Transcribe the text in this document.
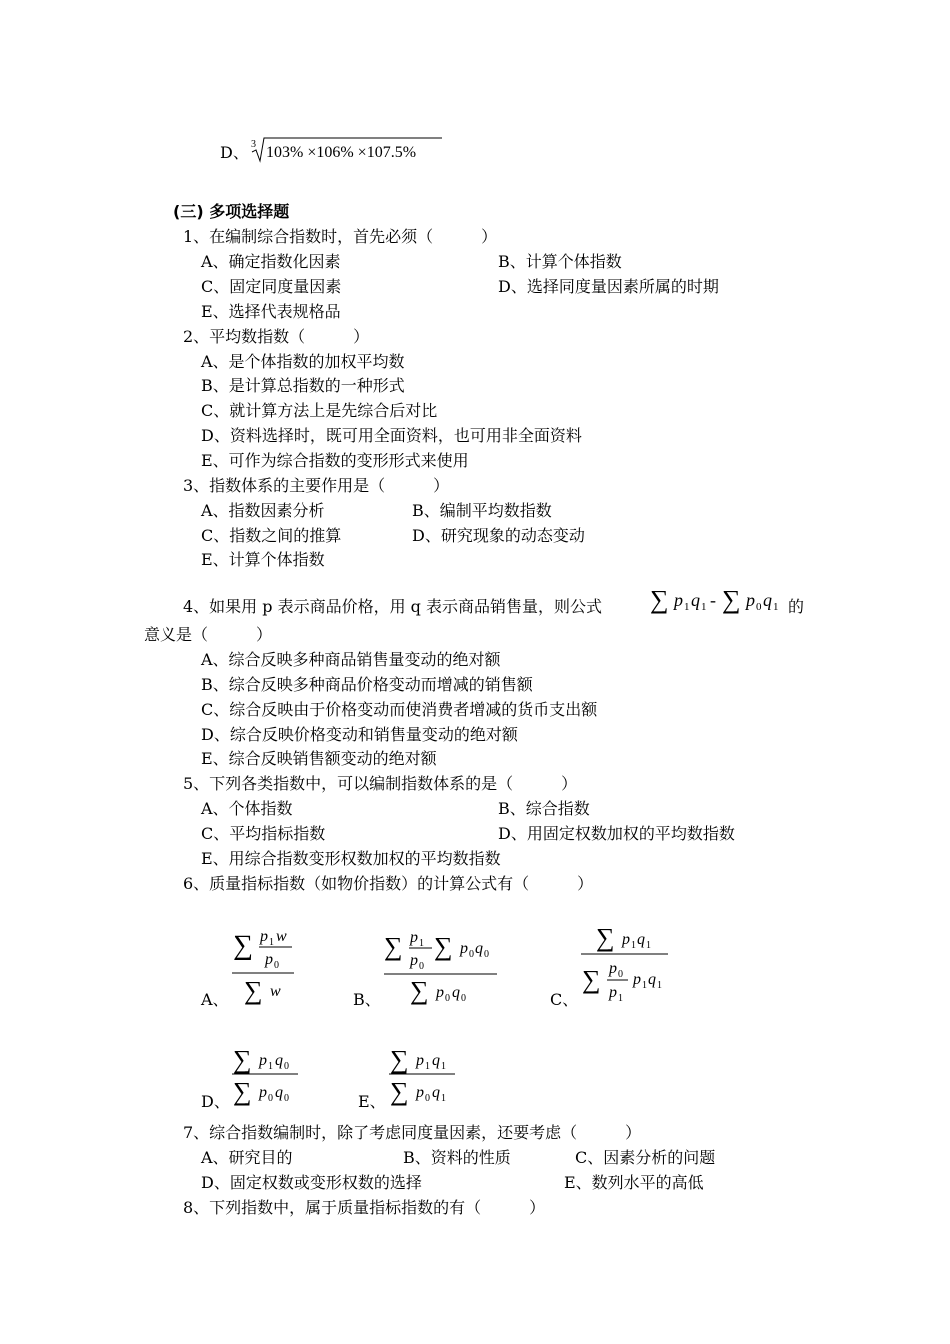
D、 3 103% ×106% ×107.5%
(三) 多项选择题
1、在编制综合指数时，首先必须（　　　）
A、确定指数化因素	B、计算个体指数
C、固定同度量因素	D、选择同度量因素所属的时期
E、选择代表规格品
2、平均数指数（　　　）
A、是个体指数的加权平均数
B、是计算总指数的一种形式
C、就计算方法上是先综合后对比
D、资料选择时，既可用全面资料，也可用非全面资料
E、可作为综合指数的变形形式来使用
3、指数体系的主要作用是（　　　）
A、指数因素分析	B、编制平均数指数
C、指数之间的推算	D、研究现象的动态变动
E、计算个体指数
4、如果用 p 表示商品价格，用 q 表示商品销售量，则公式 ∑ p 1 q 1 - ∑ p 0 q 1 的
意义是（　　　）
A、综合反映多种商品销售量变动的绝对额
B、综合反映多种商品价格变动而增减的销售额
C、综合反映由于价格变动而使消费者增减的货币支出额
D、综合反映价格变动和销售量变动的绝对额
E、综合反映销售额变动的绝对额
5、下列各类指数中，可以编制指数体系的是（　　　）
A、个体指数	B、综合指数
C、平均指标指数	D、用固定权数加权的平均数指数
E、用综合指数变形权数加权的平均数指数
6、质量指标指数（如物价指数）的计算公式有（　　　）
A、
∑ p 1 w
p 0
∑ w	B、
∑ p 1
p 0
∑ p 0 q 0
∑ p 0 q 0	C、
∑ p 1 q 1
∑ p 0
p 1
p 1 q 1
D、
∑ p 1 q 0
∑ p 0 q 0	E、
∑ p 1 q 1
∑ p 0 q 1
7、综合指数编制时，除了考虑同度量因素，还要考虑（　　　）
A、研究目的	B、资料的性质	C、因素分析的问题
D、固定权数或变形权数的选择	E、数列水平的高低
8、下列指数中，属于质量指标指数的有（　　　）
